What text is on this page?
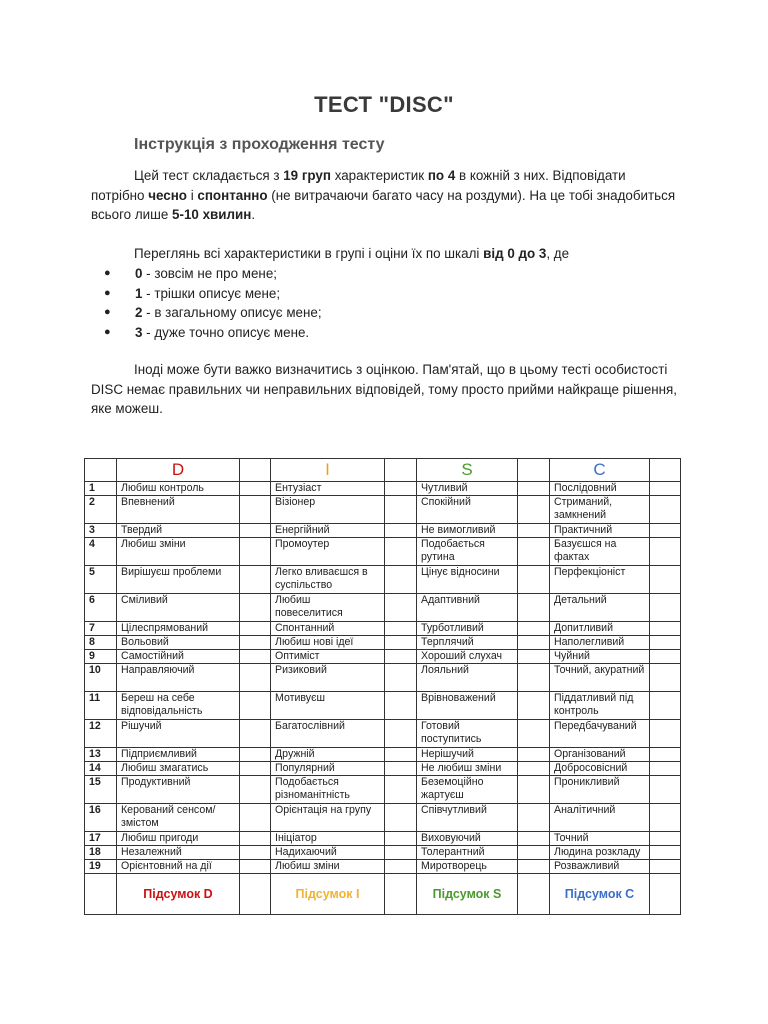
ТЕСТ "DISC"
Інструкція з проходження тесту
Цей тест складається з 19 груп характеристик по 4 в кожній з них. Відповідати потрібно чесно і спонтанно (не витрачаючи багато часу на роздуми). На це тобі знадобиться всього лише 5-10 хвилин.
Переглянь всі характеристики в групі і оціни їх по шкалі від 0 до 3, де
● 0 - зовсім не про мене;
● 1 - трішки описує мене;
● 2 - в загальному описує мене;
● 3 - дуже точно описує мене.
Іноді може бути важко визначитись з оцінкою. Пам'ятай, що в цьому тесті особистості DISC немає правильних чи неправильних відповідей, тому просто прийми найкраще рішення, яке можеш.
	D		I		S		C	
1	Любиш контроль		Ентузіаст		Чутливий		Послідовний	
2	Впевнений		Візіонер		Спокійний		Стриманий, замкнений	
3	Твердий		Енергійний		Не вимогливий		Практичний	
4	Любиш зміни		Промоутер		Подобається рутина		Базуєшся на фактах	
5	Вирішуєш проблеми		Легко вливаєшся в суспільство		Цінує відносини		Перфекціоніст	
6	Сміливий		Любиш повеселитися		Адаптивний		Детальний	
7	Цілеспрямований		Спонтанний		Турботливий		Допитливий	
8	Вольовий		Любиш нові ідеї		Терплячий		Наполегливий	
9	Самостійний		Оптиміст		Хороший слухач		Чуйний	
10	Направляючий		Ризиковий		Лояльний		Точний, акуратний	
11	Береш на себе відповідальність		Мотивуєш		Врівноважений		Піддатливий під контроль	
12	Рішучий		Багатослівний		Готовий поступитись		Передбачуваний	
13	Підприємливий		Дружній		Нерішучий		Організований	
14	Любиш змагатись		Популярний		Не любиш зміни		Добросовісний	
15	Продуктивний		Подобається різноманітність		Беземоційно жартуєш		Проникливий	
16	Керований сенсом/змістом		Орієнтація на групу		Співчутливий		Аналітичний	
17	Любиш пригоди		Ініціатор		Виховуючий		Точний	
18	Незалежний		Надихаючий		Толерантний		Людина розкладу	
19	Орієнтовний на дії		Любиш зміни		Миротворець		Розважливий	
	Підсумок D		Підсумок I		Підсумок S		Підсумок C	
